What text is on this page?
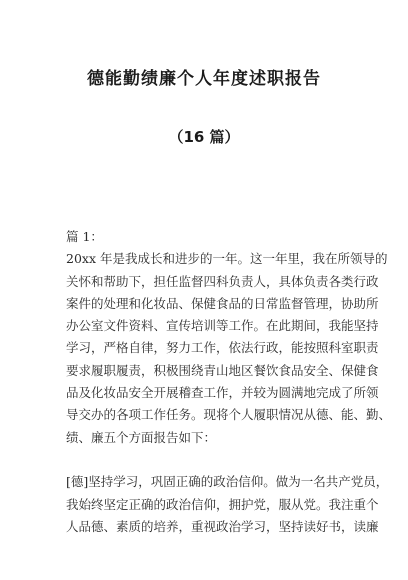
德能勤绩廉个人年度述职报告
（16 篇）
篇 1：
20xx 年是我成长和进步的一年。这一年里，我在所领导的
关怀和帮助下，担任监督四科负责人，具体负责各类行政
案件的处理和化妆品、保健食品的日常监督管理，协助所
办公室文件资料、宣传培训等工作。在此期间，我能坚持
学习，严格自律，努力工作，依法行政，能按照科室职责
要求履职履责，积极围绕青山地区餐饮食品安全、保健食
品及化妆品安全开展稽查工作，并较为圆满地完成了所领
导交办的各项工作任务。现将个人履职情况从德、能、勤、
绩、廉五个方面报告如下：
[德]坚持学习，巩固正确的政治信仰。做为一名共产党员，
我始终坚定正确的政治信仰，拥护党，服从党。我注重个
人品德、素质的培养，重视政治学习，坚持读好书，读廉
